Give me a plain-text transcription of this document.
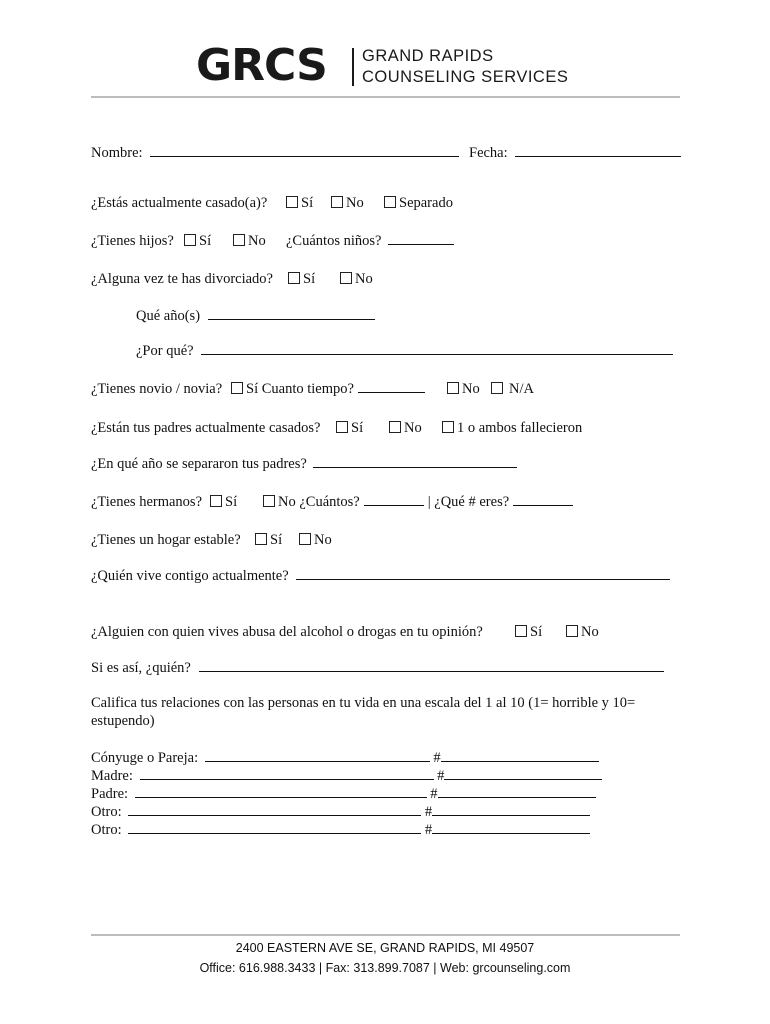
GRCS GRAND RAPIDS
COUNSELING SERVICES
Nombre:	Fecha:
¿Estás actualmente casado(a)?	Sí	No	Separado
¿Tienes hijos?	Sí	No ¿Cuántos niños?
¿Alguna vez te has divorciado?	Sí	No
Qué año(s)
¿Por qué?
¿Tienes novio / novia?	Sí Cuanto tiempo?	No	N/A
¿Están tus padres actualmente casados?	Sí	No	1 o ambos fallecieron
¿En qué año se separaron tus padres?
¿Tienes hermanos?	Sí	No ¿Cuántos?	| ¿Qué # eres?
¿Tienes un hogar estable?	Sí	No
¿Quién vive contigo actualmente?
¿Alguien con quien vives abusa del alcohol o drogas en tu opinión?	Sí	No
Si es así, ¿quién?
Califica tus relaciones con las personas en tu vida en una escala del 1 al 10 (1= horrible y 10= estupendo)
Cónyuge o Pareja:	#
Madre:	#
Padre:	#
Otro:	#
Otro:	#
2400 EASTERN AVE SE, GRAND RAPIDS, MI 49507
Office: 616.988.3433 | Fax: 313.899.7087 | Web: grcounseling.com
